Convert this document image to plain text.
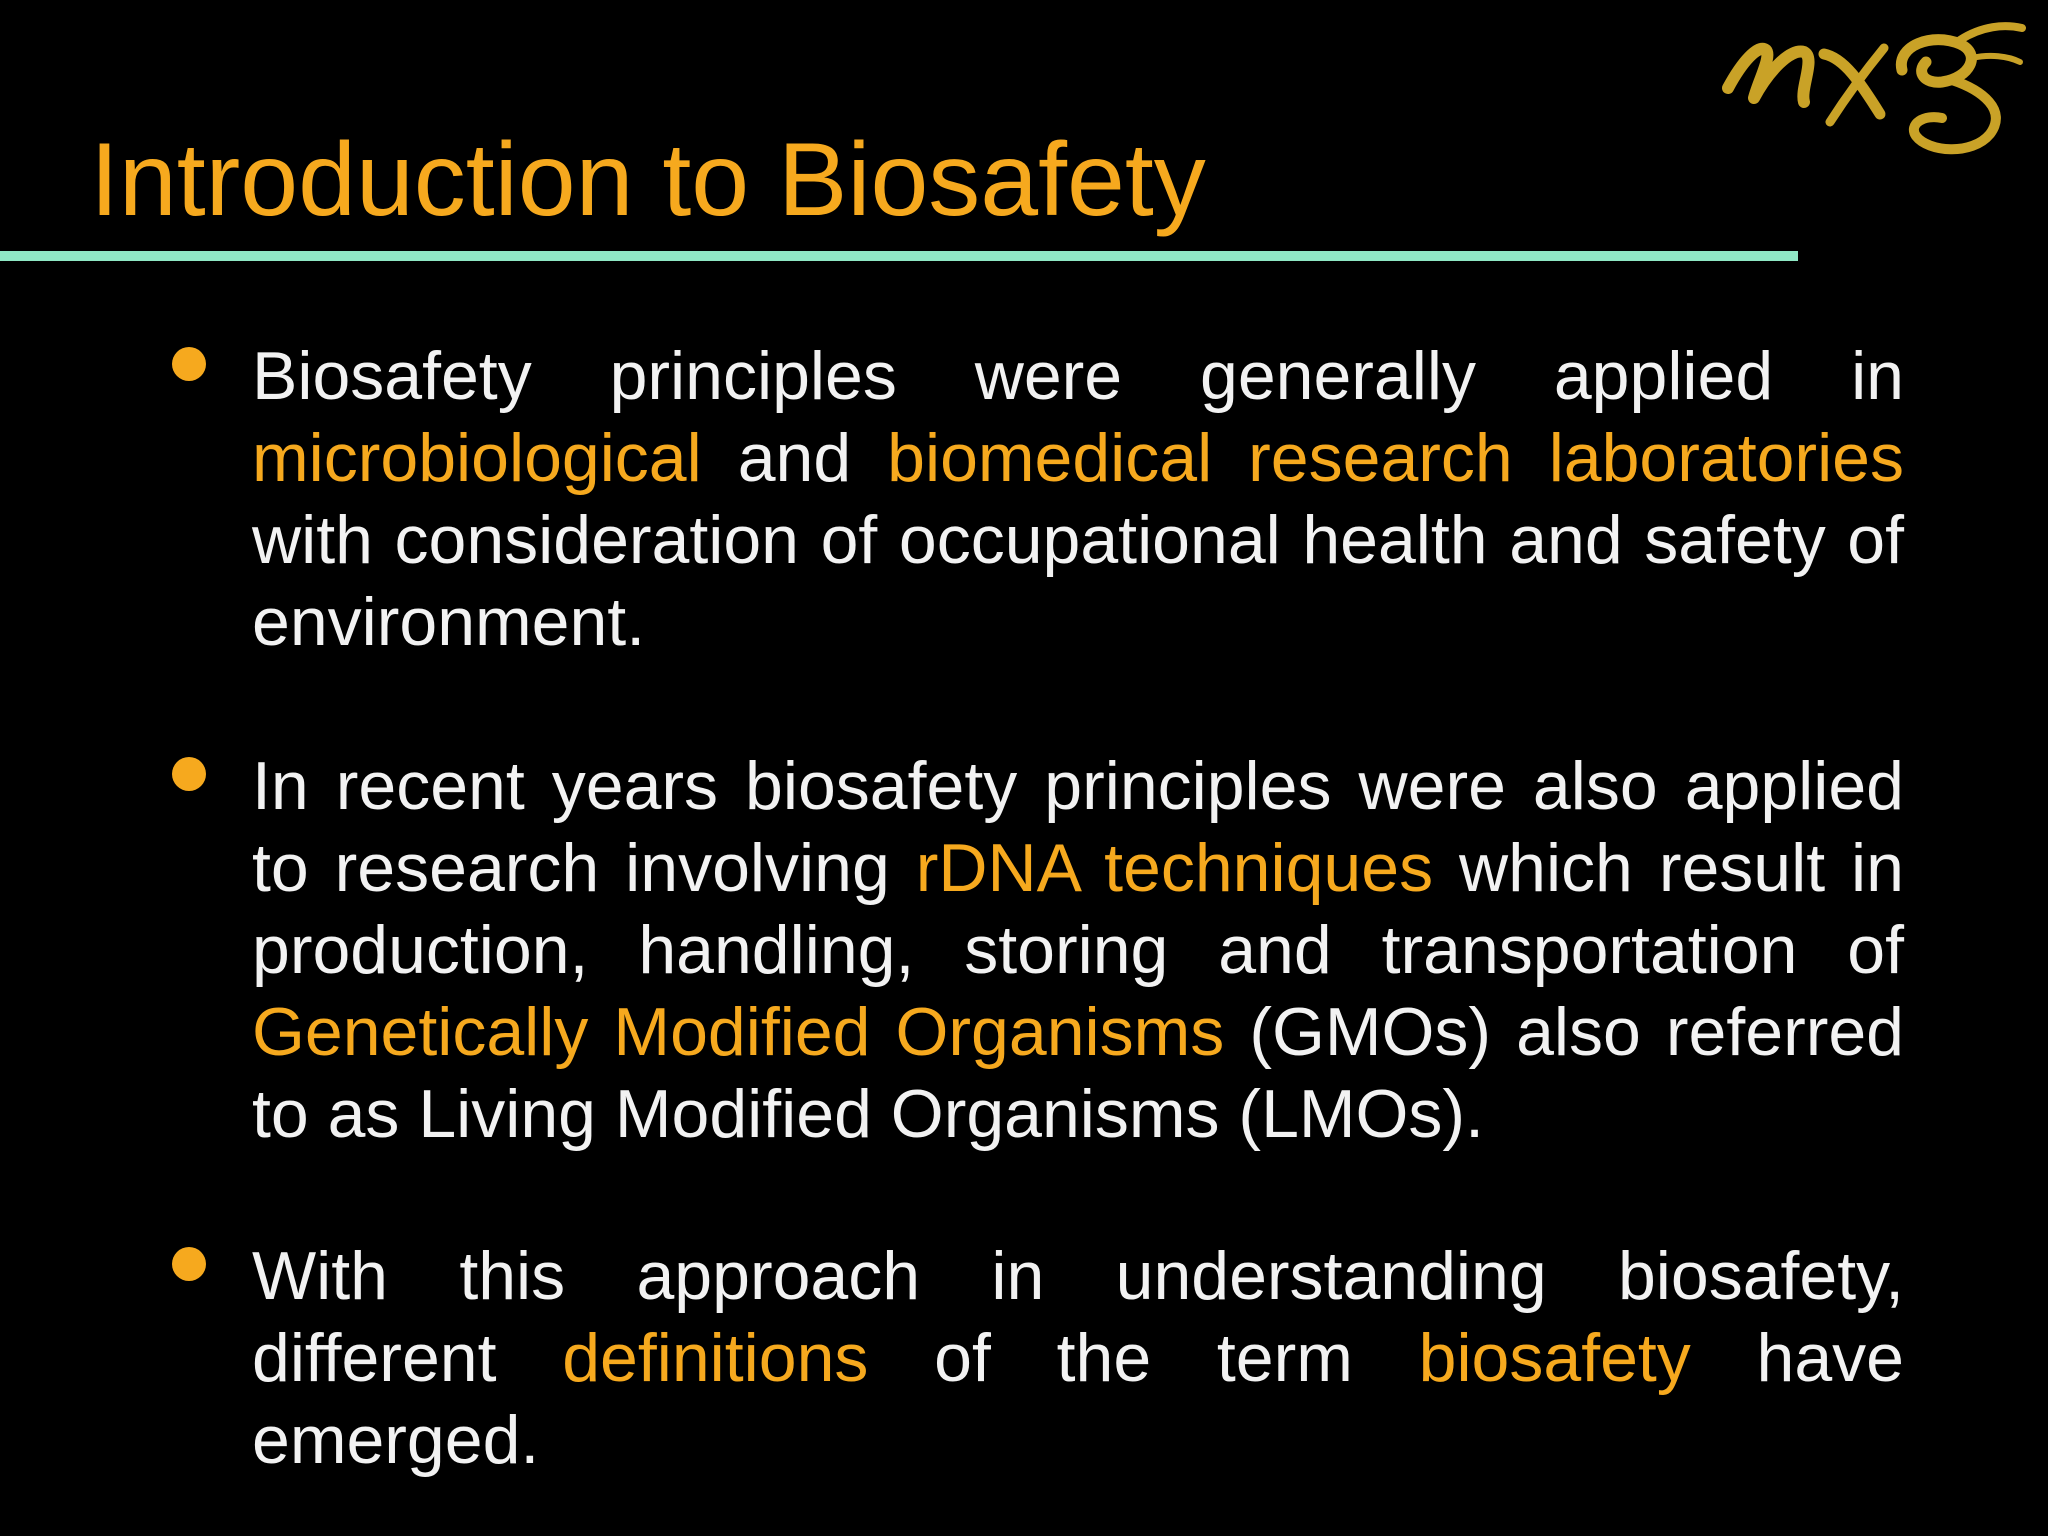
Introduction to Biosafety

Biosafety principles were generally applied in microbiological and biomedical research laboratories with consideration of occupational health and safety of environment.

In recent years biosafety principles were also applied to research involving rDNA techniques which result in production, handling, storing and transportation of Genetically Modified Organisms (GMOs) also referred to as Living Modified Organisms (LMOs).

With this approach in understanding biosafety, different definitions of the term biosafety have emerged.
